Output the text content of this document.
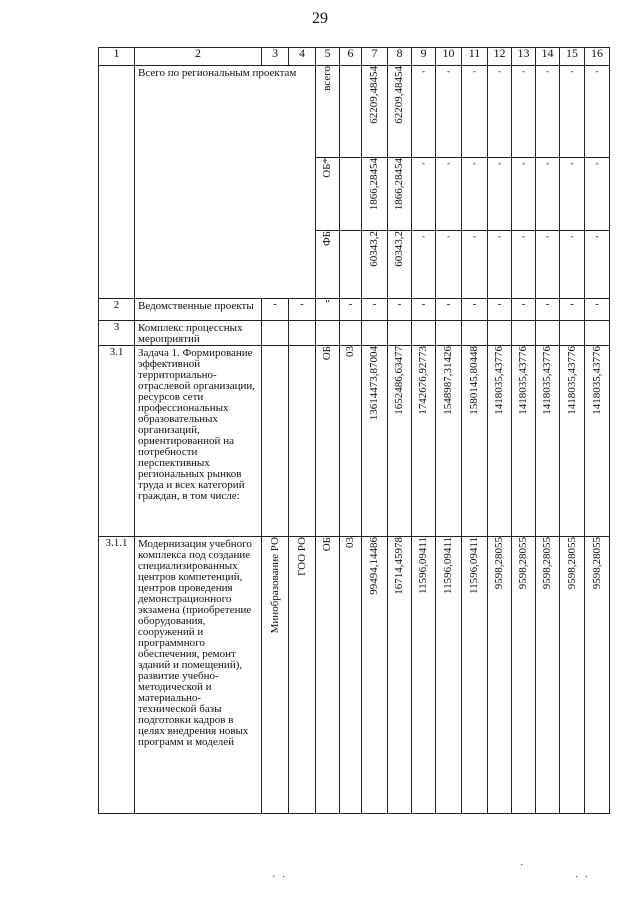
29
1	2	3	4	5	6	7	8	9	10	11	12	13	14	15	16
	Всего по региональным проектам			всего		62209,48454	62209,48454	-	-	-	-	-	-	-	-

				ОБ*		1866,28454	1866,28454	-	-	-	-	-	-	-	-

				ФБ		60343,2	60343,2	-	-	-	-	-	-	-	-

2	Ведомственные проекты	-	-	"	-	-	-	-	-	-	-	-	-	-	-

3	Комплекс процессных мероприятий														
3.1	Задача 1. Формирование эффективной территориально-отраслевой организации, ресурсов сети профессиональных образовательных организаций, ориентированной на потребности перспективных региональных рынков труда и всех категорий граждан, в том числе:			ОБ	03	13614473,87004	1652486,63477	1742676,92773	1548987,31426	1580145,80448	1418035,43776	1418035,43776	1418035,43776	1418035,43776	1418035,43776

3.1.1	Модернизация учебного комплекса под создание специализированных центров компетенций, центров проведения демонстрационного экзамена (приобретение оборудования, сооружений и программного обеспечения, ремонт зданий и помещений), развитие учебно-методической и материально-технической базы подготовки кадров в целях внедрения новых программ и моделей	Минобразование РО	ГОО РО	ОБ	03	99494,14486	16714,45978	11596,09411	11596,09411	11596,09411	9598,28055	9598,28055	9598,28055	9598,28055	9598,28055
⋅ ⋅
⋅
⋅ ⋅
